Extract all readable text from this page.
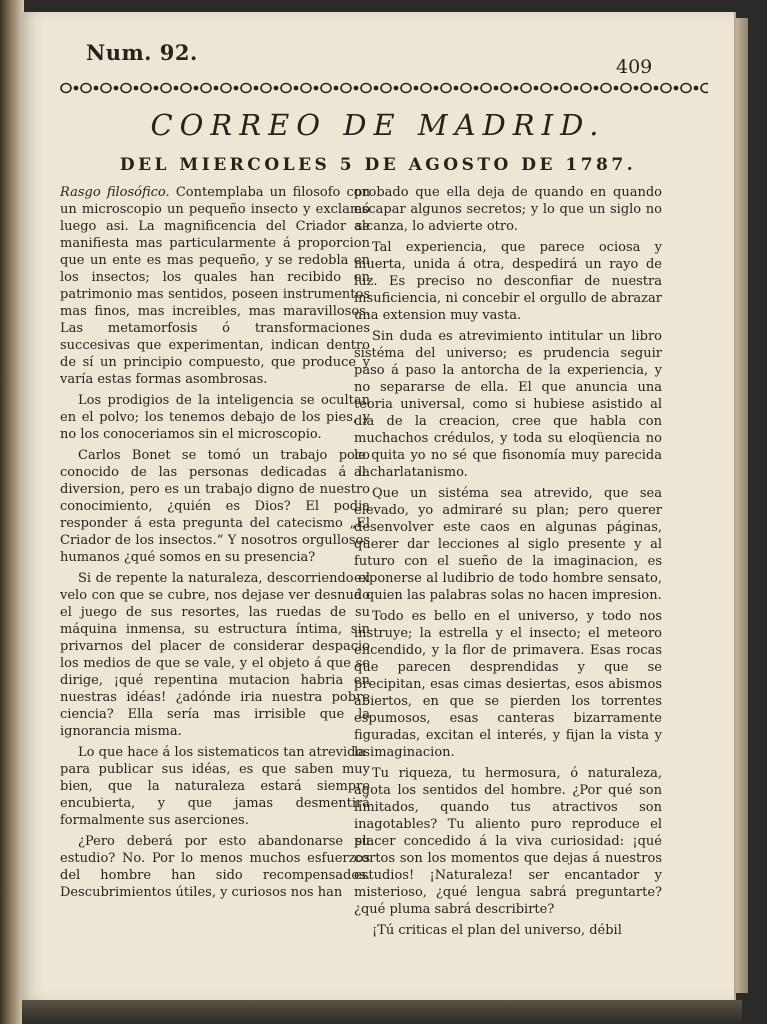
Num. 92.
409
CORREO DE MADRID.
DEL MIERCOLES 5 DE AGOSTO DE 1787.

Rasgo filosófico. Contemplaba un filosofo con un microscopio un pequeño insecto y exclamó luego asi. La magnificencia del Criador se manifiesta mas particularmente á proporcion que un ente es mas pequeño, y se redobla en los insectos; los quales han recibido en patrimonio mas sentidos, poseen instrumentos mas finos, mas increibles, mas maravillosos. Las metamorfosis ó transformaciones succesivas que experimentan, indican dentro de sí un principio compuesto, que produce y varía estas formas asombrosas.

Los prodigios de la inteligencia se ocultan en el polvo; los tenemos debajo de los pies, y no los conoceriamos sin el microscopio.

Carlos Bonet se tomó un trabajo poco conocido de las personas dedicadas á la diversion, pero es un trabajo digno de nuestro conocimiento, ¿quién es Dios? El podia responder á esta pregunta del catecismo „El Criador de los insectos.“ Y nosotros orgullosos humanos ¿qué somos en su presencia?

Si de repente la naturaleza, descorriendo el velo con que se cubre, nos dejase ver desnudo el juego de sus resortes, las ruedas de su máquina inmensa, su estructura íntima, sin privarnos del placer de considerar despacio los medios de que se vale, y el objeto á que se dirige, ¡qué repentina mutacion habria en nuestras idéas! ¿adónde iria nuestra pobre ciencia? Ella sería mas irrisible que la ignorancia misma.

Lo que hace á los sistematicos tan atrevidos para publicar sus idéas, es que saben muy bien, que la naturaleza estará siempre encubierta, y que jamas desmentirá formalmente sus aserciones.

¿Pero deberá por esto abandonarse su estudio? No. Por lo menos muchos esfuerzos del hombre han sido recompensados. Descubrimientos útiles, y curiosos nos han

probado que ella deja de quando en quando escapar algunos secretos; y lo que un siglo no alcanza, lo advierte otro.

Tal experiencia, que parece ociosa y muerta, unida á otra, despedirá un rayo de luz. Es preciso no desconfiar de nuestra insuficiencia, ni concebir el orgullo de abrazar una extension muy vasta.

Sin duda es atrevimiento intitular un libro sistéma del universo; es prudencia seguir paso á paso la antorcha de la experiencia, y no separarse de ella. El que anuncia una teoria universal, como si hubiese asistido al dia de la creacion, cree que habla con muchachos crédulos, y toda su eloqüencia no le quita yo no sé que fisonomía muy parecida al charlatanismo.

Que un sistéma sea atrevido, que sea elevado, yo admiraré su plan; pero querer desenvolver este caos en algunas páginas, querer dar lecciones al siglo presente y al futuro con el sueño de la imaginacion, es exponerse al ludibrio de todo hombre sensato, á quien las palabras solas no hacen impresion.

Todo es bello en el universo, y todo nos instruye; la estrella y el insecto; el meteoro encendido, y la flor de primavera. Esas rocas que parecen desprendidas y que se precipitan, esas cimas desiertas, esos abismos abiertos, en que se pierden los torrentes espumosos, esas canteras bizarramente figuradas, excitan el interés, y fijan la vista y la imaginacion.

Tu riqueza, tu hermosura, ó naturaleza, agota los sentidos del hombre. ¿Por qué son limitados, quando tus atractivos son inagotables? Tu aliento puro reproduce el placer concedido á la viva curiosidad: ¡qué cortos son los momentos que dejas á nuestros estudios! ¡Naturaleza! ser encantador y misterioso, ¿qué lengua sabrá preguntarte? ¿qué pluma sabrá describirte?

¡Tú criticas el plan del universo, débil
